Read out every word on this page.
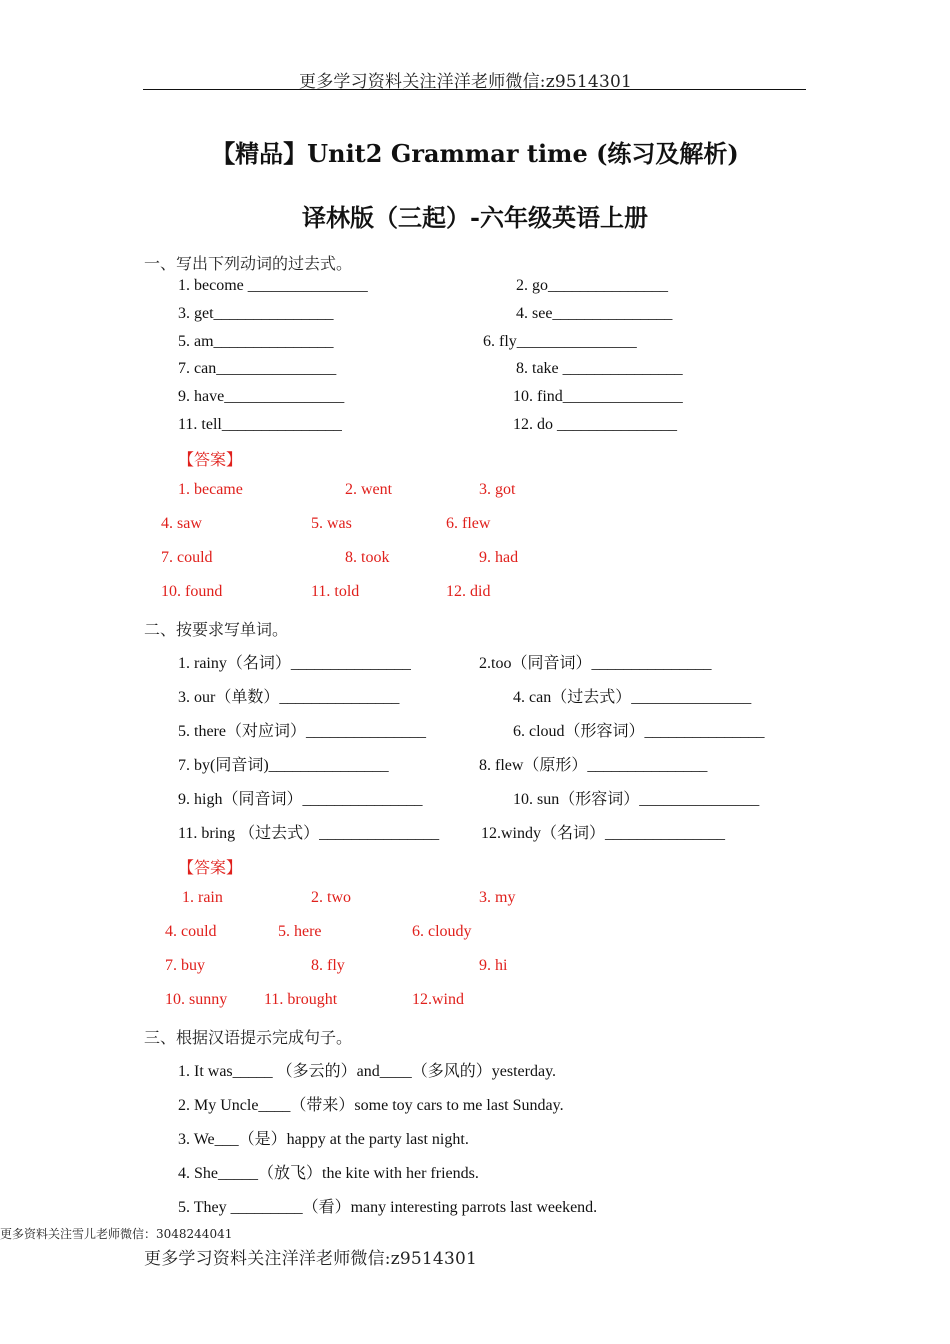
更多学习资料关注洋洋老师微信:z9514301
【精品】Unit2 Grammar time (练习及解析)
译林版（三起）-六年级英语上册
一、写出下列动词的过去式。
1. become _______________	2. go_______________
3. get_______________	4. see_______________
5. am_______________	6. fly_______________
7. can_______________	8. take _______________
9. have_______________	10. find_______________
11. tell_______________	12. do _______________
【答案】
1. became	2. went	3. got
4. saw	5. was	6. flew
7. could	8. took	9. had
10. found	11. told	12. did
二、按要求写单词。
1. rainy（名词）_______________	2.too（同音词）_______________
3. our（单数）_______________	4. can（过去式）_______________
5. there（对应词）_______________	6. cloud（形容词）_______________
7. by(同音词)_______________	8. flew（原形）_______________
9. high（同音词）_______________	10. sun（形容词）_______________
11. bring （过去式）_______________	12.windy（名词）_______________
【答案】
1. rain	2. two	3. my
4. could	5. here	6. cloudy
7. buy	8. fly	9. hi
10. sunny 11. brought	12.wind
三、根据汉语提示完成句子。
1. It was_____ （多云的）and____（多风的）yesterday.
2. My Uncle____（带来）some toy cars to me last Sunday.
3. We___（是）happy at the party last night.
4. She_____（放飞）the kite with her friends.
5. They _________（看）many interesting parrots last weekend.
更多资料关注雪儿老师微信：3048244041
更多学习资料关注洋洋老师微信:z9514301
